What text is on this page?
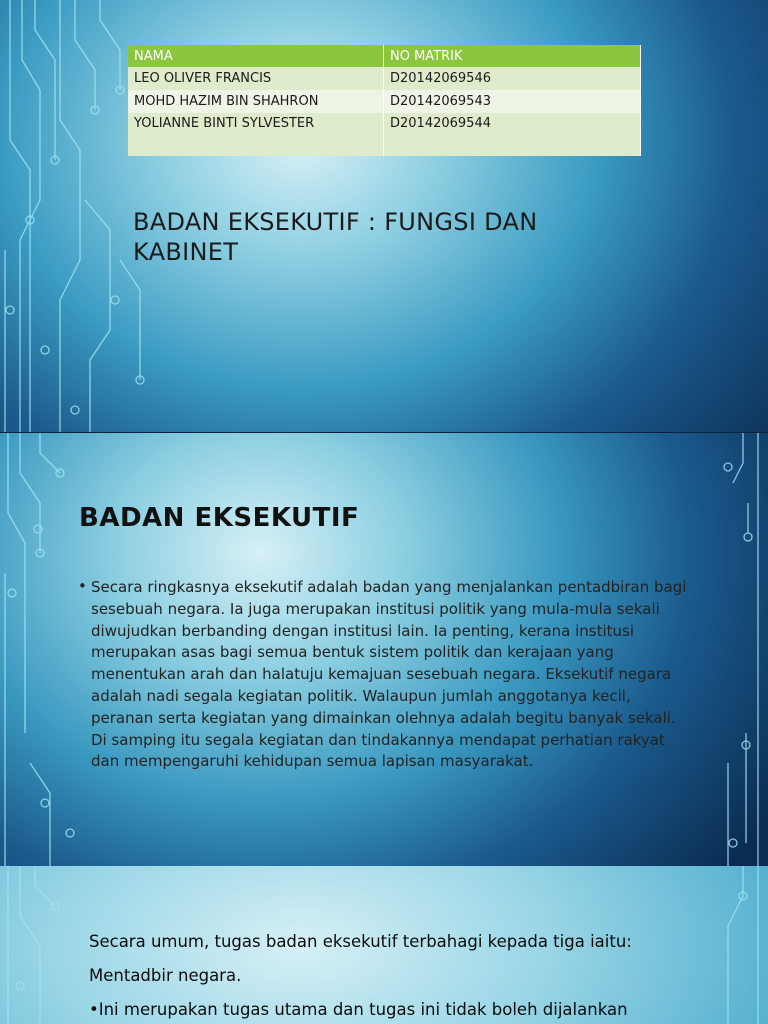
NAMA	NO MATRIK
LEO OLIVER FRANCIS	D20142069546
MOHD HAZIM BIN SHAHRON	D20142069543
YOLIANNE BINTI SYLVESTER	D20142069544
BADAN EKSEKUTIF : FUNGSI DAN
KABINET
BADAN EKSEKUTIF
• Secara ringkasnya eksekutif adalah badan yang menjalankan pentadbiran bagi sesebuah negara. Ia juga merupakan institusi politik yang mula-mula sekali diwujudkan berbanding dengan institusi lain. Ia penting, kerana institusi merupakan asas bagi semua bentuk sistem politik dan kerajaan yang menentukan arah dan halatuju kemajuan sesebuah negara. Eksekutif negara adalah nadi segala kegiatan politik. Walaupun jumlah anggotanya kecil, peranan serta kegiatan yang dimainkan olehnya adalah begitu banyak sekali. Di samping itu segala kegiatan dan tindakannya mendapat perhatian rakyat dan mempengaruhi kehidupan semua lapisan masyarakat.
Secara umum, tugas badan eksekutif terbahagi kepada tiga iaitu:
Mentadbir negara.
•Ini merupakan tugas utama dan tugas ini tidak boleh dijalankan
